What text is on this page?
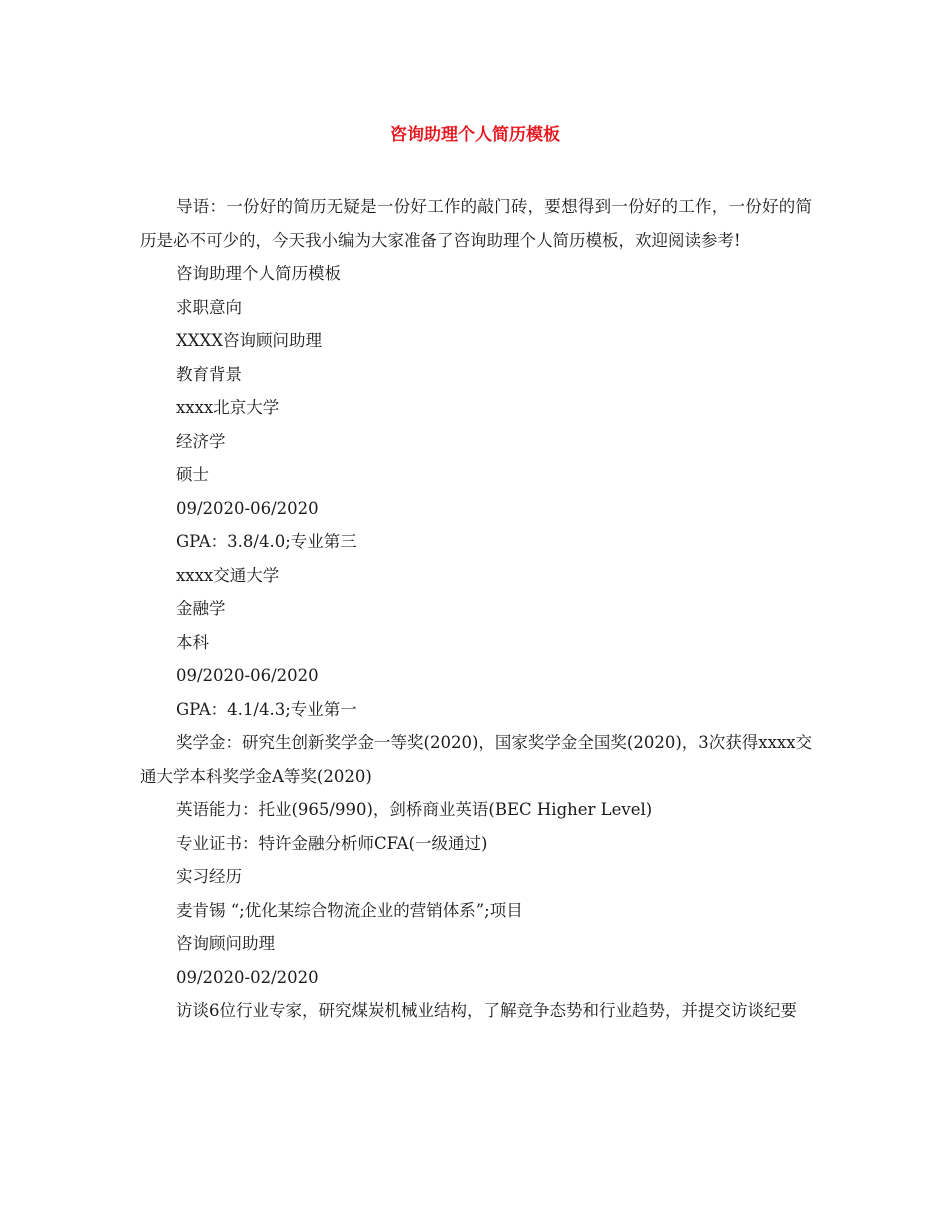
咨询助理个人简历模板

导语：一份好的简历无疑是一份好工作的敲门砖，要想得到一份好的工作，一份好的简历是必不可少的，今天我小编为大家准备了咨询助理个人简历模板，欢迎阅读参考!

咨询助理个人简历模板

求职意向

XXXX咨询顾问助理

教育背景

xxxx北京大学

经济学

硕士

09/2020-06/2020

GPA：3.8/4.0;专业第三

xxxx交通大学

金融学

本科

09/2020-06/2020

GPA：4.1/4.3;专业第一

奖学金：研究生创新奖学金一等奖(2020)，国家奖学金全国奖(2020)，3次获得xxxx交通大学本科奖学金A等奖(2020)

英语能力：托业(965/990)，剑桥商业英语(BEC Higher Level)

专业证书：特许金融分析师CFA(一级通过)

实习经历

麦肯锡 “;优化某综合物流企业的营销体系”;项目

咨询顾问助理

09/2020-02/2020

访谈6位行业专家，研究煤炭机械业结构，了解竞争态势和行业趋势，并提交访谈纪要
